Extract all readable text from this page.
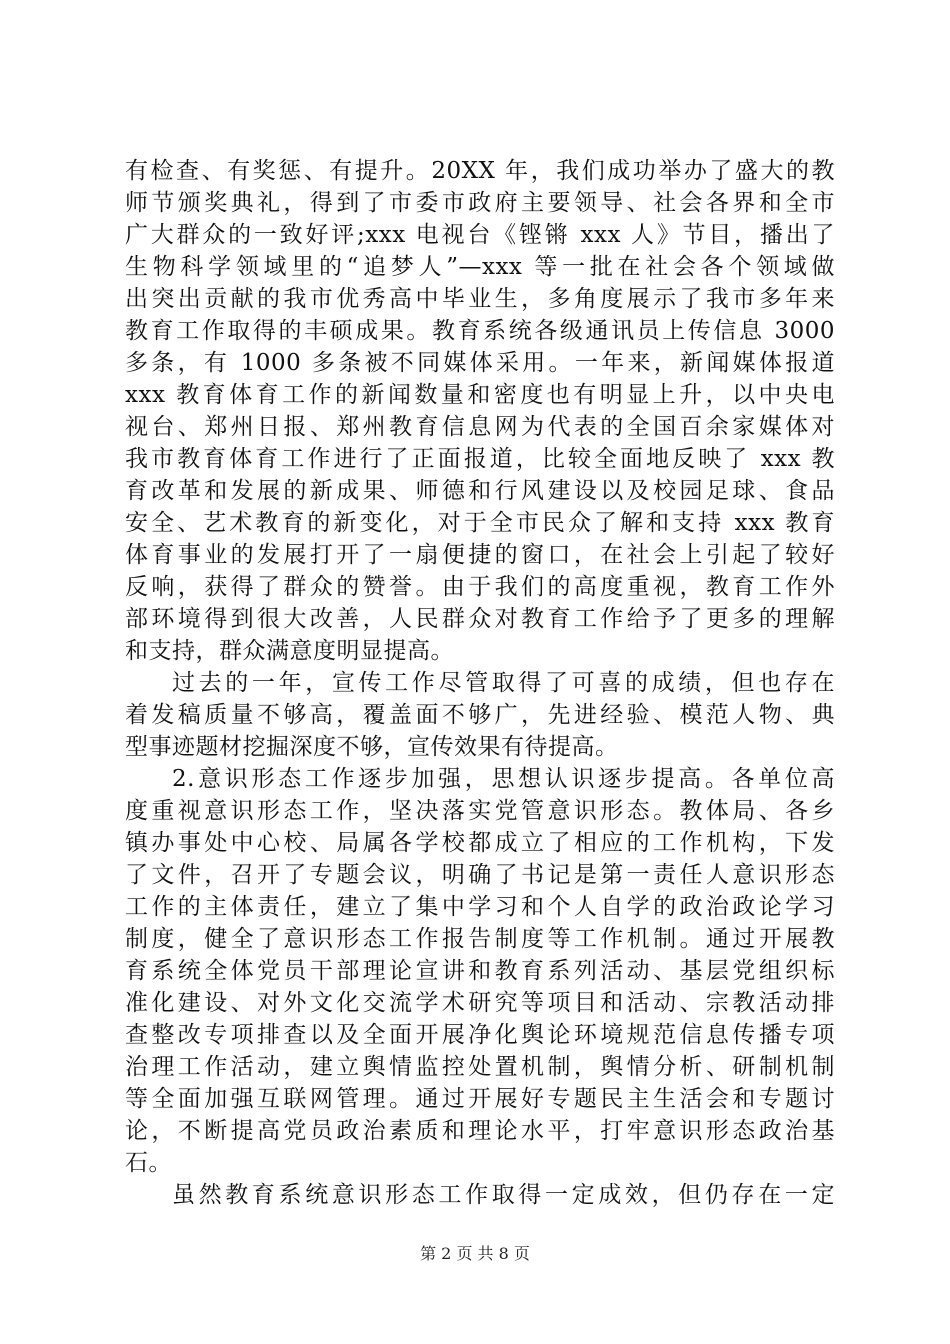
有检查、有奖惩、有提升。20XX 年，我们成功举办了盛大的教
师节颁奖典礼，得到了市委市政府主要领导、社会各界和全市
广大群众的一致好评;xxx 电视台《铿锵 xxx 人》节目，播出了
生物科学领域里的“追梦人”—xxx 等一批在社会各个领域做
出突出贡献的我市优秀高中毕业生，多角度展示了我市多年来
教育工作取得的丰硕成果。教育系统各级通讯员上传信息 3000
多条，有 1000 多条被不同媒体采用。一年来，新闻媒体报道
xxx 教育体育工作的新闻数量和密度也有明显上升，以中央电
视台、郑州日报、郑州教育信息网为代表的全国百余家媒体对
我市教育体育工作进行了正面报道，比较全面地反映了 xxx 教
育改革和发展的新成果、师德和行风建设以及校园足球、食品
安全、艺术教育的新变化，对于全市民众了解和支持 xxx 教育
体育事业的发展打开了一扇便捷的窗口，在社会上引起了较好
反响，获得了群众的赞誉。由于我们的高度重视，教育工作外
部环境得到很大改善，人民群众对教育工作给予了更多的理解
和支持，群众满意度明显提高。
过去的一年，宣传工作尽管取得了可喜的成绩，但也存在
着发稿质量不够高，覆盖面不够广，先进经验、模范人物、典
型事迹题材挖掘深度不够，宣传效果有待提高。
2.意识形态工作逐步加强，思想认识逐步提高。各单位高
度重视意识形态工作，坚决落实党管意识形态。教体局、各乡
镇办事处中心校、局属各学校都成立了相应的工作机构，下发
了文件，召开了专题会议，明确了书记是第一责任人意识形态
工作的主体责任，建立了集中学习和个人自学的政治政论学习
制度，健全了意识形态工作报告制度等工作机制。通过开展教
育系统全体党员干部理论宣讲和教育系列活动、基层党组织标
准化建设、对外文化交流学术研究等项目和活动、宗教活动排
查整改专项排查以及全面开展净化舆论环境规范信息传播专项
治理工作活动，建立舆情监控处置机制，舆情分析、研制机制
等全面加强互联网管理。通过开展好专题民主生活会和专题讨
论，不断提高党员政治素质和理论水平，打牢意识形态政治基
石。
虽然教育系统意识形态工作取得一定成效，但仍存在一定
第 2 页 共 8 页
